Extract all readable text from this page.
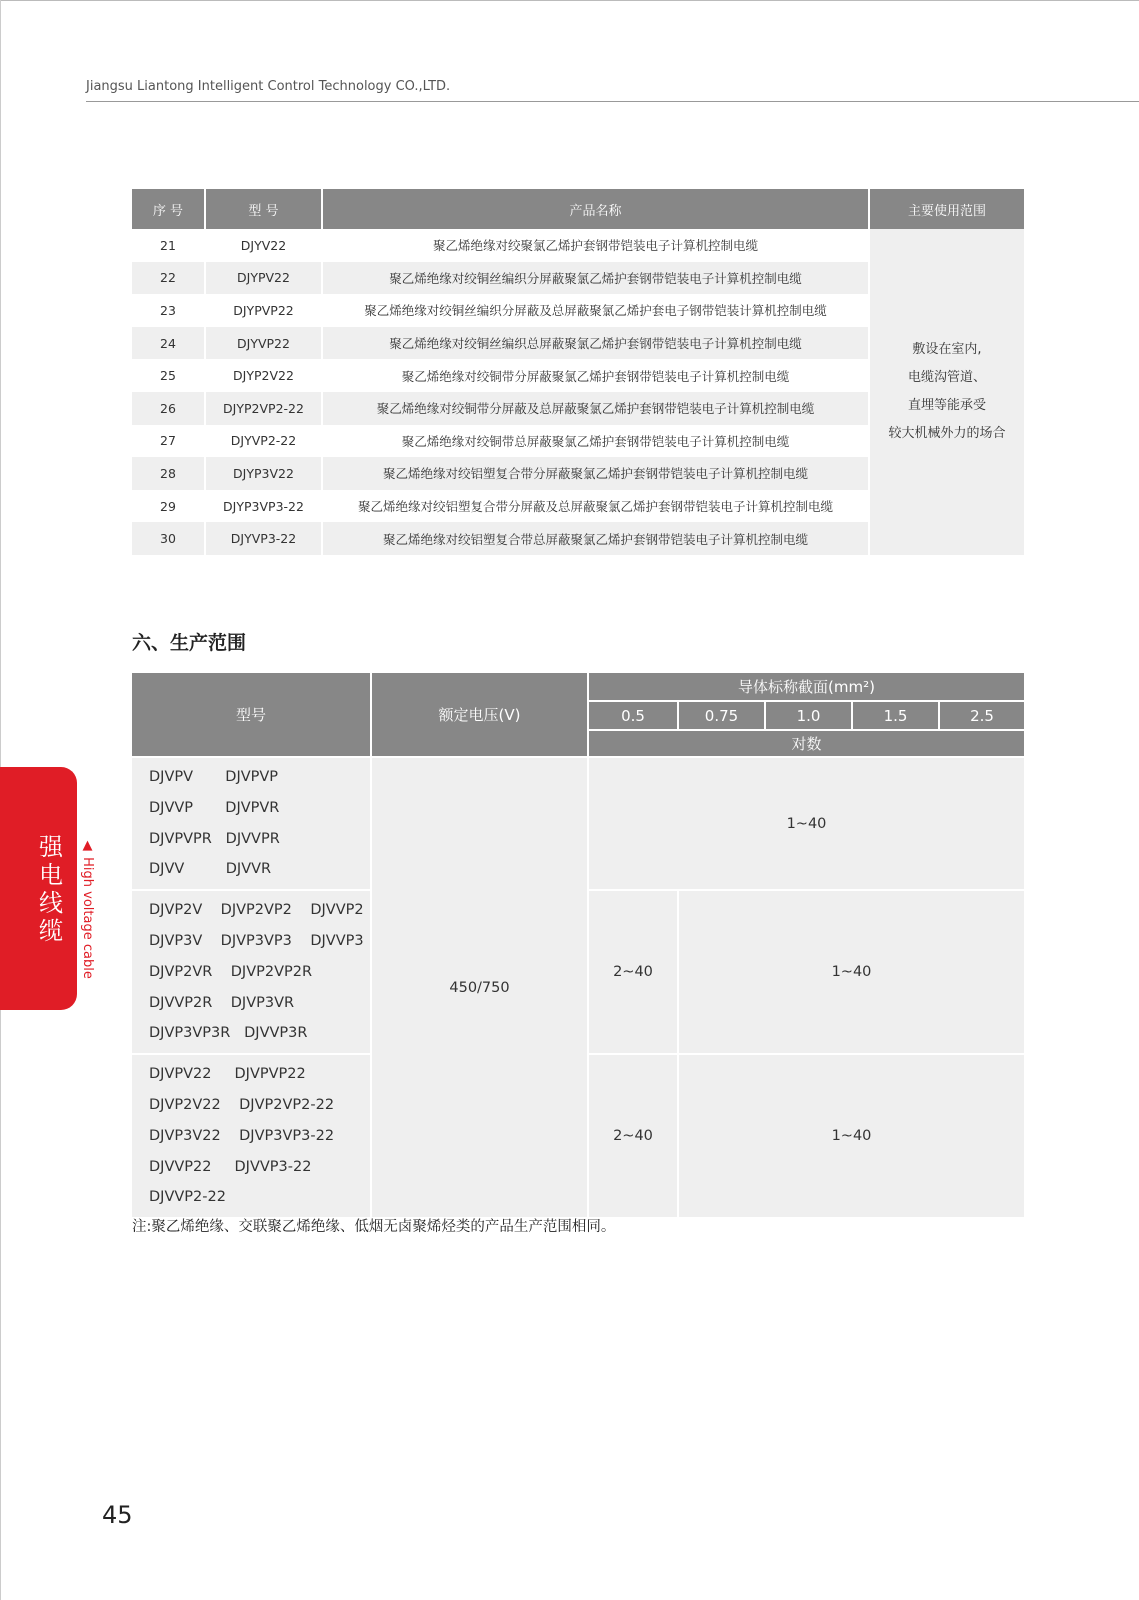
Jiangsu Liantong Intelligent Control Technology CO.,LTD.
序 号	型 号	产品名称	主要使用范围
21	DJYV22	聚乙烯绝缘对绞聚氯乙烯护套钢带铠装电子计算机控制电缆	敷设在室内,
电缆沟管道、
直埋等能承受
较大机械外力的场合

22	DJYPV22	聚乙烯绝缘对绞铜丝编织分屏蔽聚氯乙烯护套钢带铠装电子计算机控制电缆	
23	DJYPVP22	聚乙烯绝缘对绞铜丝编织分屏蔽及总屏蔽聚氯乙烯护套电子钢带铠装计算机控制电缆	
24	DJYVP22	聚乙烯绝缘对绞铜丝编织总屏蔽聚氯乙烯护套钢带铠装电子计算机控制电缆	
25	DJYP2V22	聚乙烯绝缘对绞铜带分屏蔽聚氯乙烯护套钢带铠装电子计算机控制电缆	
26	DJYP2VP2-22	聚乙烯绝缘对绞铜带分屏蔽及总屏蔽聚氯乙烯护套钢带铠装电子计算机控制电缆	
27	DJYVP2-22	聚乙烯绝缘对绞铜带总屏蔽聚氯乙烯护套钢带铠装电子计算机控制电缆	
28	DJYP3V22	聚乙烯绝缘对绞铝塑复合带分屏蔽聚氯乙烯护套钢带铠装电子计算机控制电缆	
29	DJYP3VP3-22	聚乙烯绝缘对绞铝塑复合带分屏蔽及总屏蔽聚氯乙烯护套钢带铠装电子计算机控制电缆	
30	DJYVP3-22	聚乙烯绝缘对绞铝塑复合带总屏蔽聚氯乙烯护套钢带铠装电子计算机控制电缆	
六、生产范围
型号	额定电压(V)	导体标称截面(mm²)				
		0.5	0.75	1.0	1.5	2.5
		对数				

DJVPV       DJVPVP
DJVVP       DJVPVR
DJVPVPR   DJVVPR
DJVV         DJVVR	450/750	1~40				

DJVP2V    DJVP2VP2    DJVVP2
DJVP3V    DJVP3VP3    DJVVP3
DJVP2VR    DJVP2VP2R
DJVVP2R    DJVP3VR
DJVP3VP3R   DJVVP3R		2~40	1~40			

DJVPV22     DJVPVP22
DJVP2V22    DJVP2VP2-22
DJVP3V22    DJVP3VP3-22
DJVVP22     DJVVP3-22
DJVVP2-22		2~40	1~40			
注:聚乙烯绝缘、交联聚乙烯绝缘、低烟无卤聚烯烃类的产品生产范围相同。
强电线缆 ▲ High voltage cable
45
